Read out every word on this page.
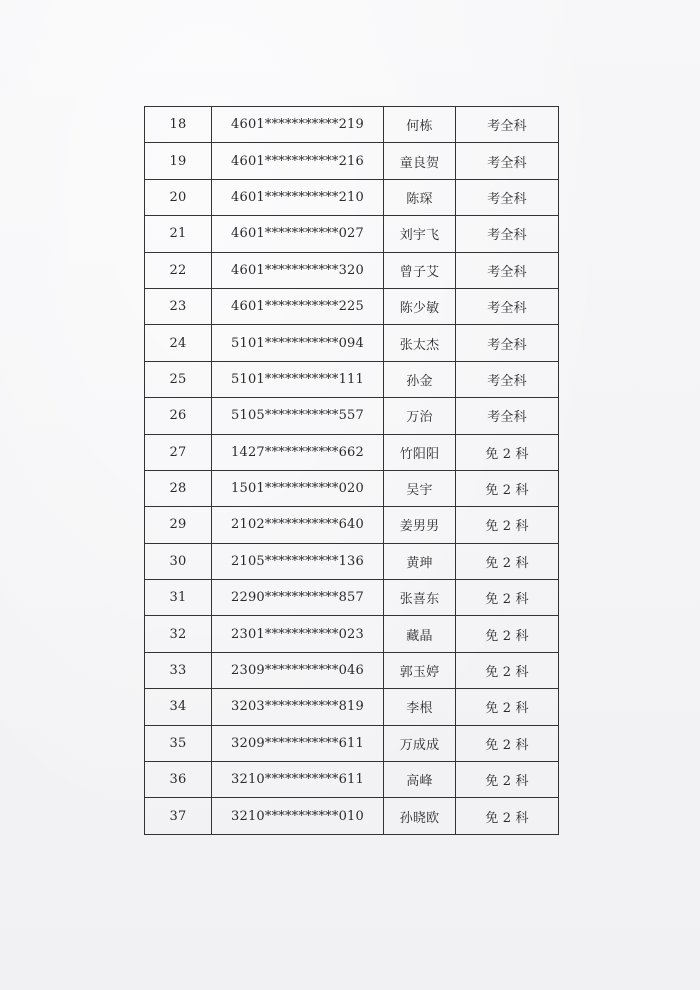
18	4601***********219	何栋	考全科
19	4601***********216	童良贺	考全科
20	4601***********210	陈琛	考全科
21	4601***********027	刘宇飞	考全科
22	4601***********320	曾子艾	考全科
23	4601***********225	陈少敏	考全科
24	5101***********094	张太杰	考全科
25	5101***********111	孙金	考全科
26	5105***********557	万治	考全科
27	1427***********662	竹阳阳	免 2 科
28	1501***********020	吴宇	免 2 科
29	2102***********640	姜男男	免 2 科
30	2105***********136	黄珅	免 2 科
31	2290***********857	张喜东	免 2 科
32	2301***********023	藏晶	免 2 科
33	2309***********046	郭玉婷	免 2 科
34	3203***********819	李根	免 2 科
35	3209***********611	万成成	免 2 科
36	3210***********611	高峰	免 2 科
37	3210***********010	孙晓欧	免 2 科
